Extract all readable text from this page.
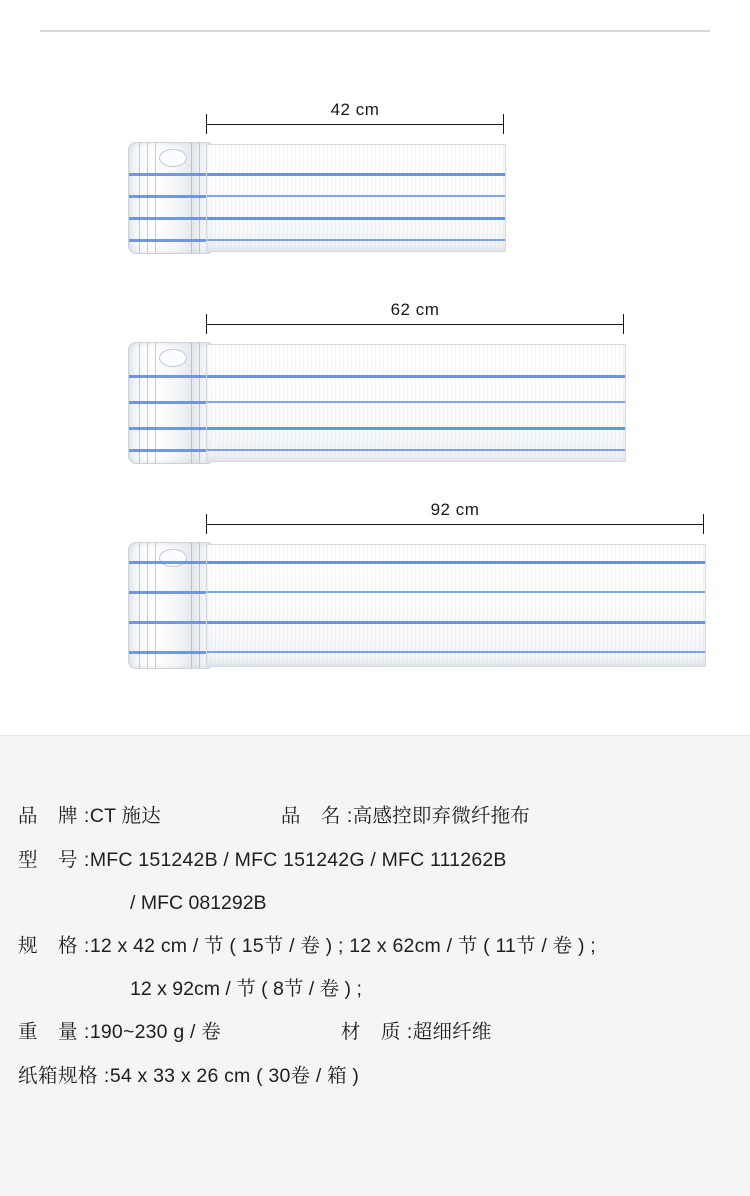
42 cm
62 cm
92 cm
品　牌 : CT 施达	品　名 : 高感控即弃微纤拖布
型　号 : MFC 151242B / MFC 151242G / MFC 111262B
/ MFC 081292B
规　格 : 12 x 42 cm / 节 ( 15节 / 卷 ) ; 12 x 62cm / 节 ( 11节 / 卷 ) ;
12 x 92cm / 节 ( 8节 / 卷 ) ;
重　量 : 190~230 g / 卷	材　质 : 超细纤维
纸箱规格 : 54 x 33 x 26 cm ( 30卷 / 箱 )
